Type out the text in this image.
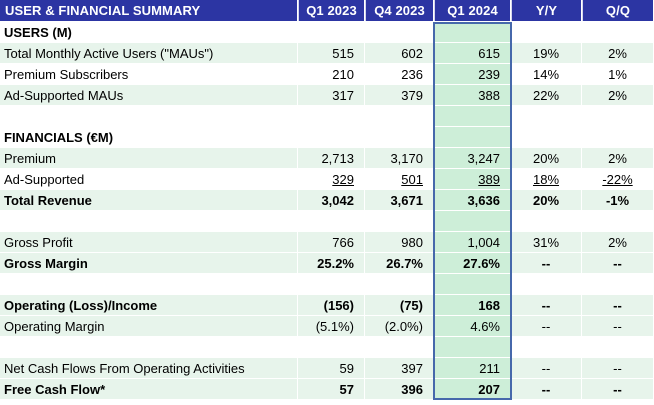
USER & FINANCIAL SUMMARY	Q1 2023	Q4 2023	Q1 2024	Y/Y	Q/Q
USERS (M)
Total Monthly Active Users ("MAUs")	515	602	615	19%	2%
Premium Subscribers	210	236	239	14%	1%
Ad-Supported MAUs	317	379	388	22%	2%
FINANCIALS (€M)
Premium	2,713	3,170	3,247	20%	2%
Ad-Supported	329	501	389	18%	-22%
Total Revenue	3,042	3,671	3,636	20%	-1%
Gross Profit	766	980	1,004	31%	2%
Gross Margin	25.2%	26.7%	27.6%	--	--
Operating (Loss)/Income	(156)	(75)	168	--	--
Operating Margin	(5.1%)	(2.0%)	4.6%	--	--
Net Cash Flows From Operating Activities	59	397	211	--	--
Free Cash Flow*	57	396	207	--	--
